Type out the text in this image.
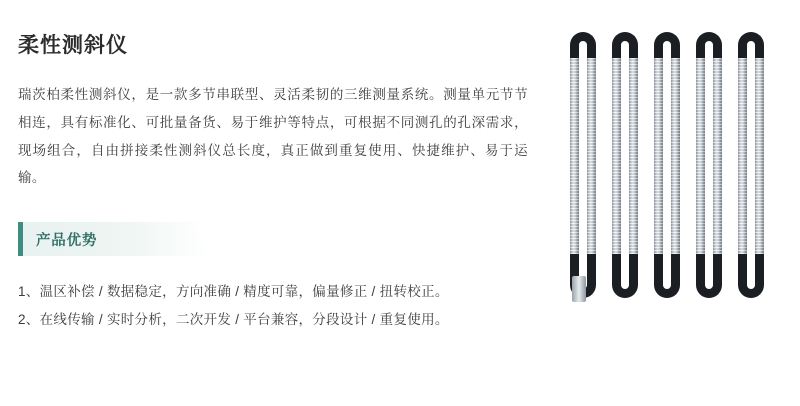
柔性测斜仪

瑞茨柏柔性测斜仪，是一款多节串联型、灵活柔韧的三维测量系统。测量单元节节相连，具有标准化、可批量备货、易于维护等特点，可根据不同测孔的孔深需求，现场组合，自由拼接柔性测斜仪总长度，真正做到重复使用、快捷维护、易于运输。

产品优势
1、温区补偿 / 数据稳定，方向准确 / 精度可靠，偏量修正 / 扭转校正。
2、在线传输 / 实时分析，二次开发 / 平台兼容，分段设计 / 重复使用。
